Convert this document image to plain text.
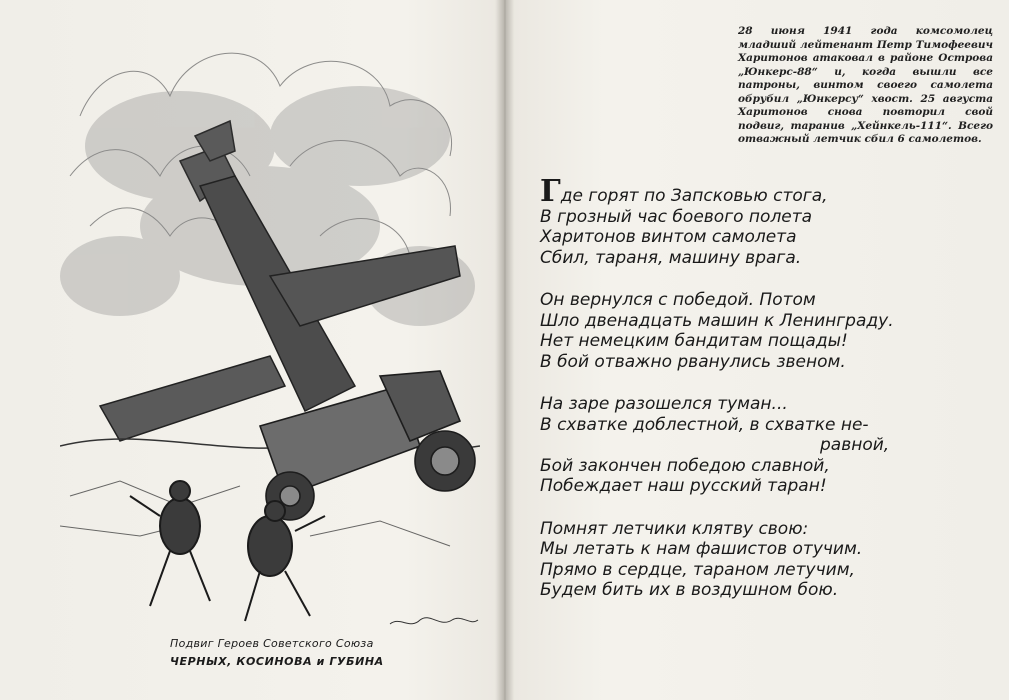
Подвиг Героев Советского Союза

ЧЕРНЫХ, КОСИНОВА и ГУБИНА

28 июня 1941 года комсомолец младший лейтенант Петр Тимофеевич Харитонов атаковал в районе Острова „Юнкерс-88“ и, когда вышли все патроны, винтом своего самолета обрубил „Юнкерсу“ хвост. 25 августа Харитонов снова повторил свой подвиг, таранив „Хейнкель-111“. Всего отважный летчик сбил 6 самолетов.

Где горят по Запсковью стога,

В грозный час боевого полета

Харитонов винтом самолета

Сбил, тараня, машину врага.

Он вернулся с победой. Потом

Шло двенадцать машин к Ленинграду.

Нет немецким бандитам пощады!

В бой отважно рванулись звеном.

На заре разошелся туман...

В схватке доблестной, в схватке не-

равной,

Бой закончен победою славной,

Побеждает наш русский таран!

Помнят летчики клятву свою:

Мы летать к нам фашистов отучим.

Прямо в сердце, тараном летучим,

Будем бить их в воздушном бою.
